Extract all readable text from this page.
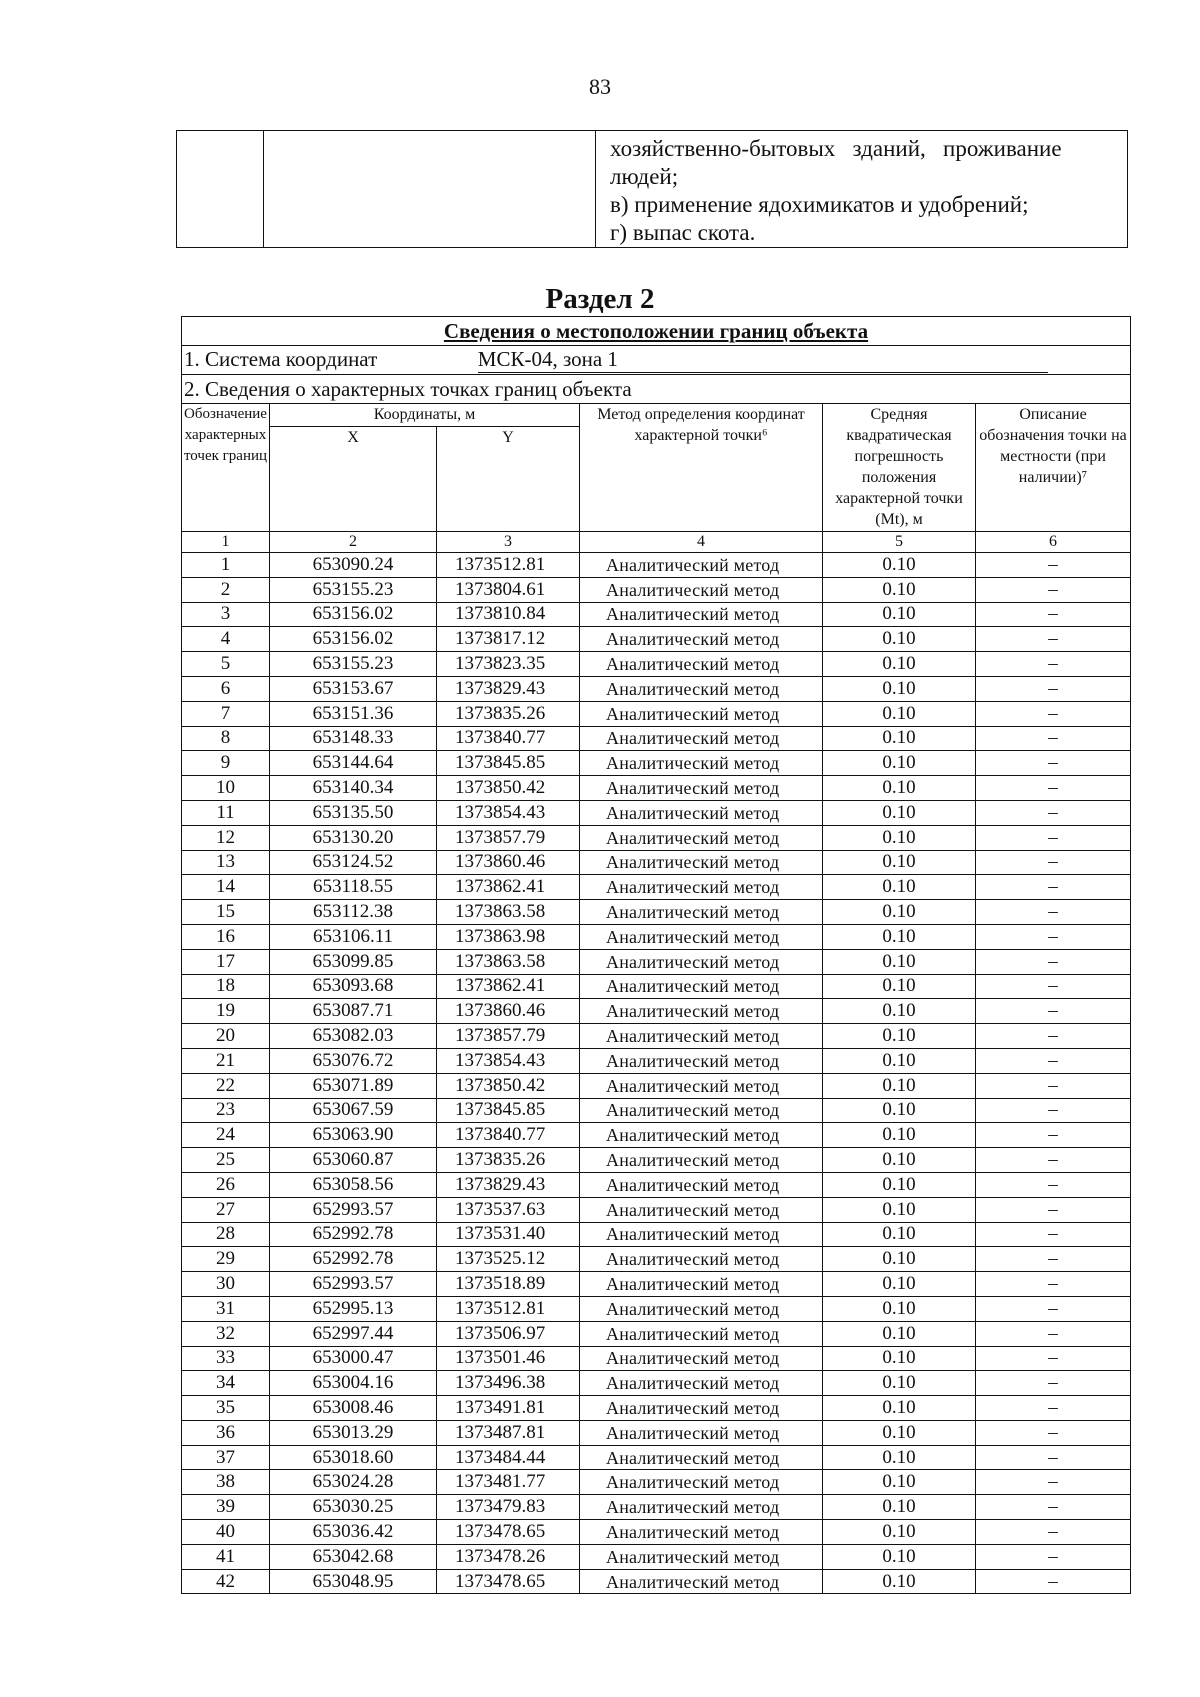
83

хозяйственно-бытовых   зданий,   проживание
людей;
в) применение ядохимикатов и удобрений;
г) выпас скота.
Раздел 2
Сведения о местоположении границ объекта					
1. Система координат МСК-04, зона 1					
2. Сведения о характерных точках границ объекта					
Обозначение характерных точек границ	Координаты, м		Метод определения координат характерной точки⁶	Средняя квадратическая погрешность положения характерной точки (Mt), м	Описание обозначения точки на местности (при наличии)⁷
	X	Y			
1	2	3	4	5	6
1	653090.24	1373512.81	Аналитический метод	0.10	–
2	653155.23	1373804.61	Аналитический метод	0.10	–
3	653156.02	1373810.84	Аналитический метод	0.10	–
4	653156.02	1373817.12	Аналитический метод	0.10	–
5	653155.23	1373823.35	Аналитический метод	0.10	–
6	653153.67	1373829.43	Аналитический метод	0.10	–
7	653151.36	1373835.26	Аналитический метод	0.10	–
8	653148.33	1373840.77	Аналитический метод	0.10	–
9	653144.64	1373845.85	Аналитический метод	0.10	–
10	653140.34	1373850.42	Аналитический метод	0.10	–
11	653135.50	1373854.43	Аналитический метод	0.10	–
12	653130.20	1373857.79	Аналитический метод	0.10	–
13	653124.52	1373860.46	Аналитический метод	0.10	–
14	653118.55	1373862.41	Аналитический метод	0.10	–
15	653112.38	1373863.58	Аналитический метод	0.10	–
16	653106.11	1373863.98	Аналитический метод	0.10	–
17	653099.85	1373863.58	Аналитический метод	0.10	–
18	653093.68	1373862.41	Аналитический метод	0.10	–
19	653087.71	1373860.46	Аналитический метод	0.10	–
20	653082.03	1373857.79	Аналитический метод	0.10	–
21	653076.72	1373854.43	Аналитический метод	0.10	–
22	653071.89	1373850.42	Аналитический метод	0.10	–
23	653067.59	1373845.85	Аналитический метод	0.10	–
24	653063.90	1373840.77	Аналитический метод	0.10	–
25	653060.87	1373835.26	Аналитический метод	0.10	–
26	653058.56	1373829.43	Аналитический метод	0.10	–
27	652993.57	1373537.63	Аналитический метод	0.10	–
28	652992.78	1373531.40	Аналитический метод	0.10	–
29	652992.78	1373525.12	Аналитический метод	0.10	–
30	652993.57	1373518.89	Аналитический метод	0.10	–
31	652995.13	1373512.81	Аналитический метод	0.10	–
32	652997.44	1373506.97	Аналитический метод	0.10	–
33	653000.47	1373501.46	Аналитический метод	0.10	–
34	653004.16	1373496.38	Аналитический метод	0.10	–
35	653008.46	1373491.81	Аналитический метод	0.10	–
36	653013.29	1373487.81	Аналитический метод	0.10	–
37	653018.60	1373484.44	Аналитический метод	0.10	–
38	653024.28	1373481.77	Аналитический метод	0.10	–
39	653030.25	1373479.83	Аналитический метод	0.10	–
40	653036.42	1373478.65	Аналитический метод	0.10	–
41	653042.68	1373478.26	Аналитический метод	0.10	–
42	653048.95	1373478.65	Аналитический метод	0.10	–
